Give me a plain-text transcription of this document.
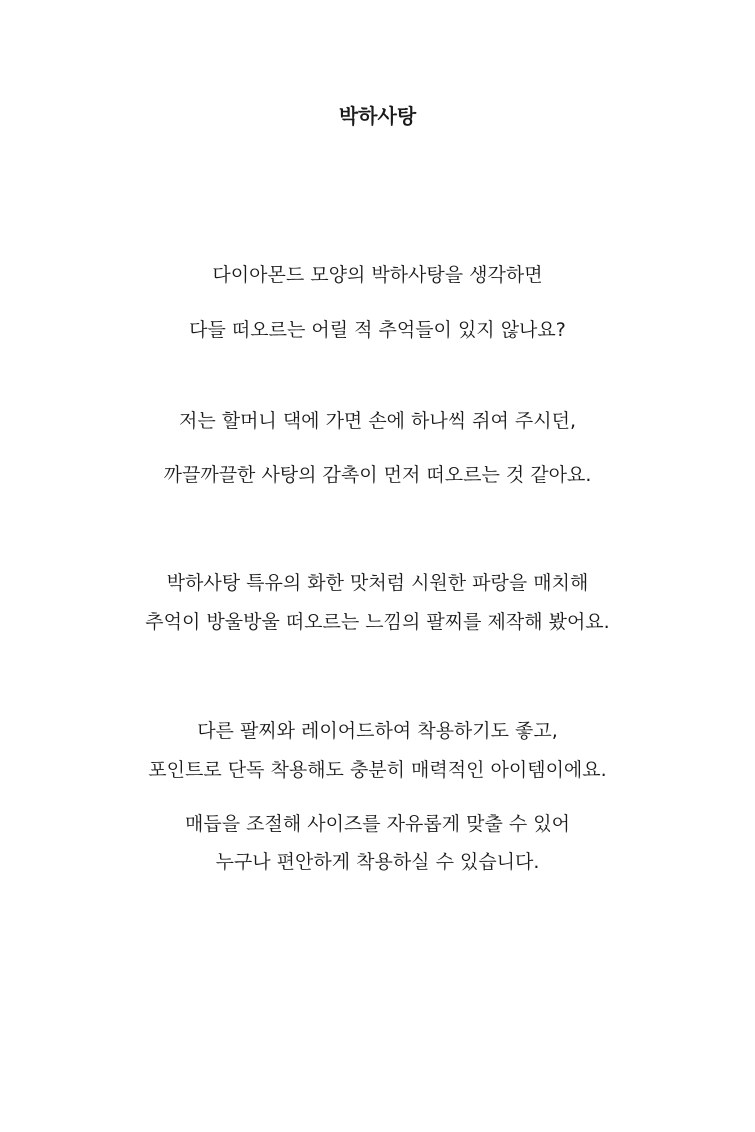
박하사탕

다이아몬드 모양의 박하사탕을 생각하면

다들 떠오르는 어릴 적 추억들이 있지 않나요?

저는 할머니 댁에 가면 손에 하나씩 쥐여 주시던,

까끌까끌한 사탕의 감촉이 먼저 떠오르는 것 같아요.

박하사탕 특유의 화한 맛처럼 시원한 파랑을 매치해

추억이 방울방울 떠오르는 느낌의 팔찌를 제작해 봤어요.

다른 팔찌와 레이어드하여 착용하기도 좋고,

포인트로 단독 착용해도 충분히 매력적인 아이템이에요.

매듭을 조절해 사이즈를 자유롭게 맞출 수 있어

누구나 편안하게 착용하실 수 있습니다.
